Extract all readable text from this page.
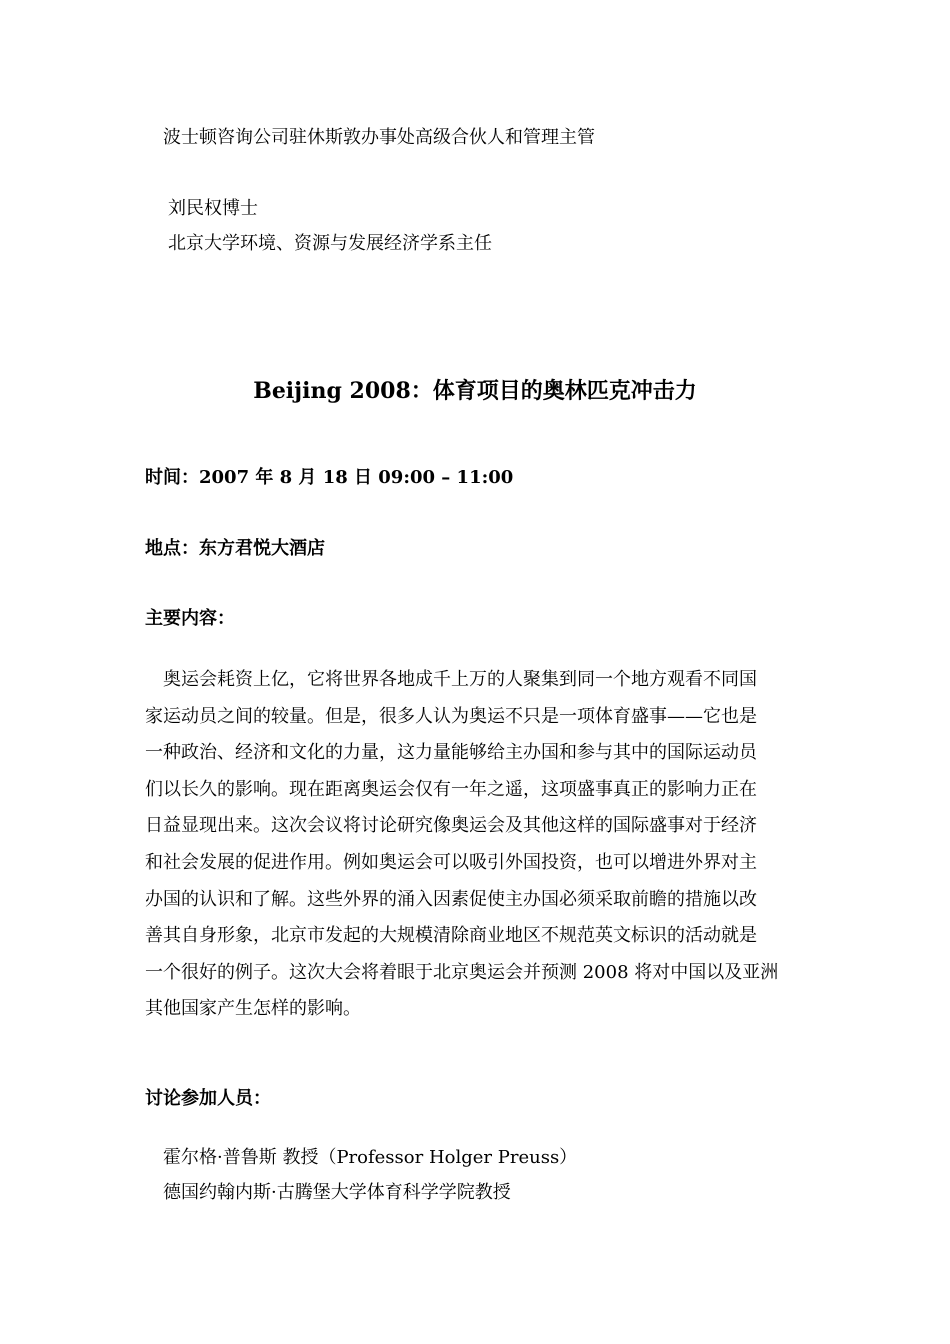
波士顿咨询公司驻休斯敦办事处高级合伙人和管理主管
刘民权博士
北京大学环境、资源与发展经济学系主任
Beijing 2008：体育项目的奥林匹克冲击力
时间：2007 年 8 月 18 日 09:00 – 11:00
地点：东方君悦大酒店
主要内容：
　奥运会耗资上亿，它将世界各地成千上万的人聚集到同一个地方观看不同国
家运动员之间的较量。但是，很多人认为奥运不只是一项体育盛事——它也是
一种政治、经济和文化的力量，这力量能够给主办国和参与其中的国际运动员
们以长久的影响。现在距离奥运会仅有一年之遥，这项盛事真正的影响力正在
日益显现出来。这次会议将讨论研究像奥运会及其他这样的国际盛事对于经济
和社会发展的促进作用。例如奥运会可以吸引外国投资，也可以增进外界对主
办国的认识和了解。这些外界的涌入因素促使主办国必须采取前瞻的措施以改
善其自身形象，北京市发起的大规模清除商业地区不规范英文标识的活动就是
一个很好的例子。这次大会将着眼于北京奥运会并预测 2008 将对中国以及亚洲
其他国家产生怎样的影响。
讨论参加人员：
霍尔格·普鲁斯 教授（Professor Holger Preuss）
德国约翰内斯·古腾堡大学体育科学学院教授
